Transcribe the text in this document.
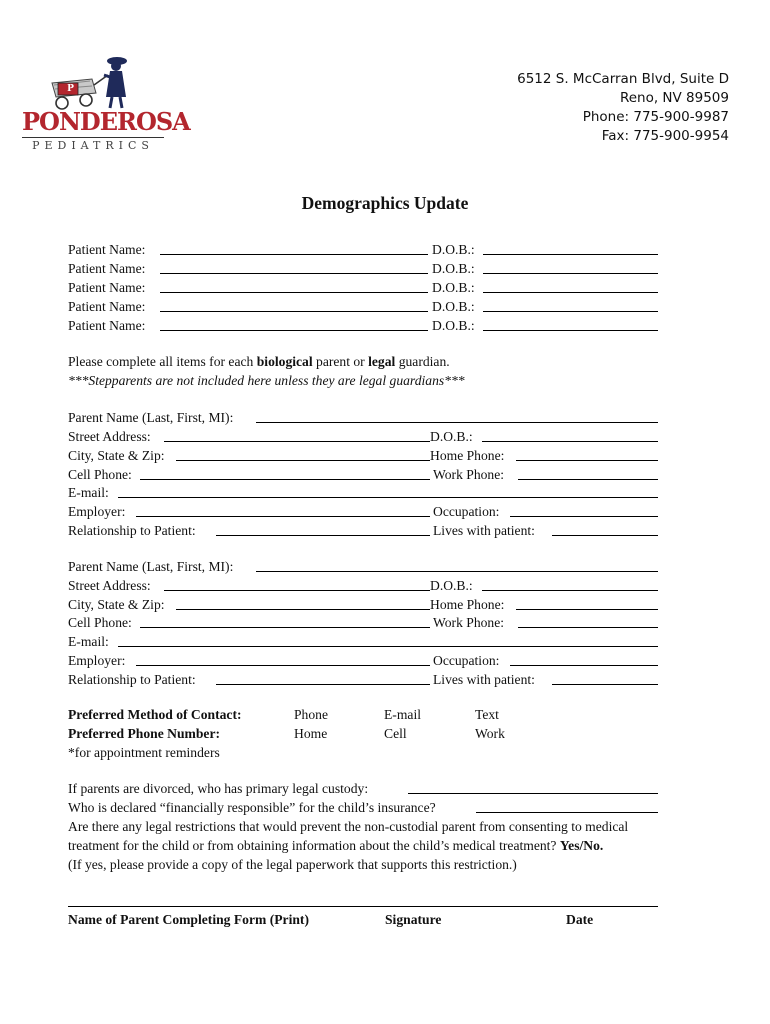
PONDEROSA
PEDIATRICS
P
6512 S. McCarran Blvd, Suite D
Reno, NV 89509
Phone: 775-900-9987
Fax: 775-900-9954
Demographics Update
Patient Name:	D.O.B.:
Patient Name:	D.O.B.:
Patient Name:	D.O.B.:
Patient Name:	D.O.B.:
Patient Name:	D.O.B.:
Please complete all items for each biological parent or legal guardian.
***Stepparents are not included here unless they are legal guardians***
Parent Name (Last, First, MI):
Street Address:	D.O.B.:
City, State & Zip:	Home Phone:
Cell Phone:	Work Phone:
E-mail:
Employer:	Occupation:
Relationship to Patient:	Lives with patient:
Parent Name (Last, First, MI):
Street Address:	D.O.B.:
City, State & Zip:	Home Phone:
Cell Phone:	Work Phone:
E-mail:
Employer:	Occupation:
Relationship to Patient:	Lives with patient:
Preferred Method of Contact:	Phone	E-mail	Text
Preferred Phone Number:	Home	Cell	Work
*for appointment reminders
If parents are divorced, who has primary legal custody:
Who is declared “financially responsible” for the child’s insurance?
Are there any legal restrictions that would prevent the non-custodial parent from consenting to medical
treatment for the child or from obtaining information about the child’s medical treatment? Yes/No.
(If yes, please provide a copy of the legal paperwork that supports this restriction.)
Name of Parent Completing Form (Print)	Signature	Date
